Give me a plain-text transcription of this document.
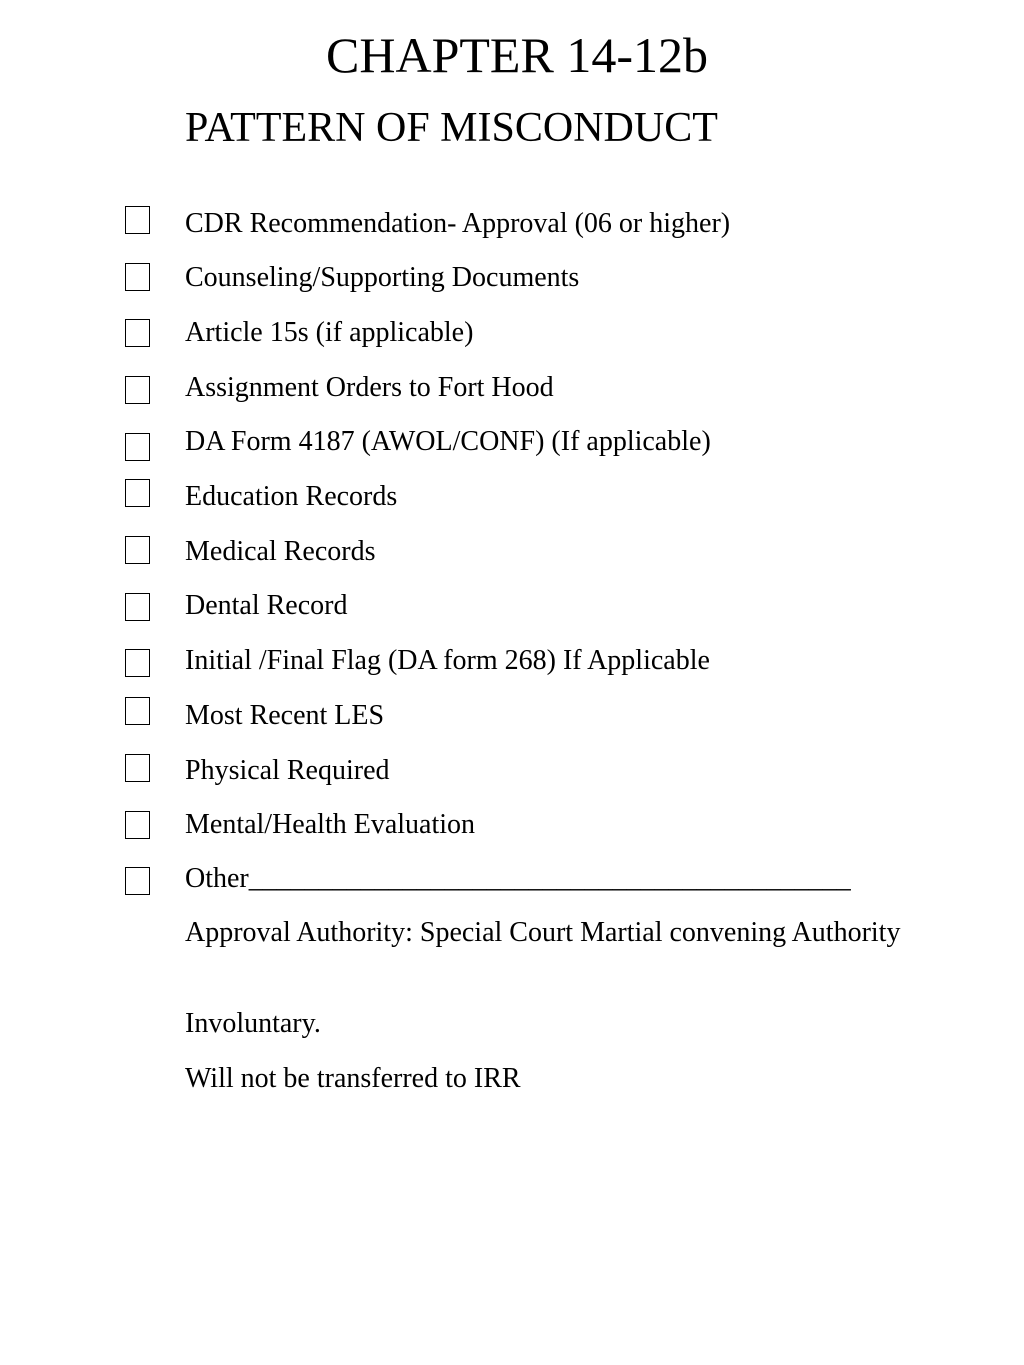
CHAPTER 14-12b
PATTERN OF MISCONDUCT
CDR Recommendation- Approval (06 or higher)
Counseling/Supporting Documents
Article 15s (if applicable)
Assignment Orders to Fort Hood
DA Form 4187 (AWOL/CONF) (If applicable)
Education Records
Medical Records
Dental Record
Initial /Final Flag (DA form 268) If Applicable
Most Recent LES
Physical Required
Mental/Health Evaluation
Other___________________________________________
Approval Authority: Special Court Martial convening Authority
Involuntary.
Will not be transferred to IRR
